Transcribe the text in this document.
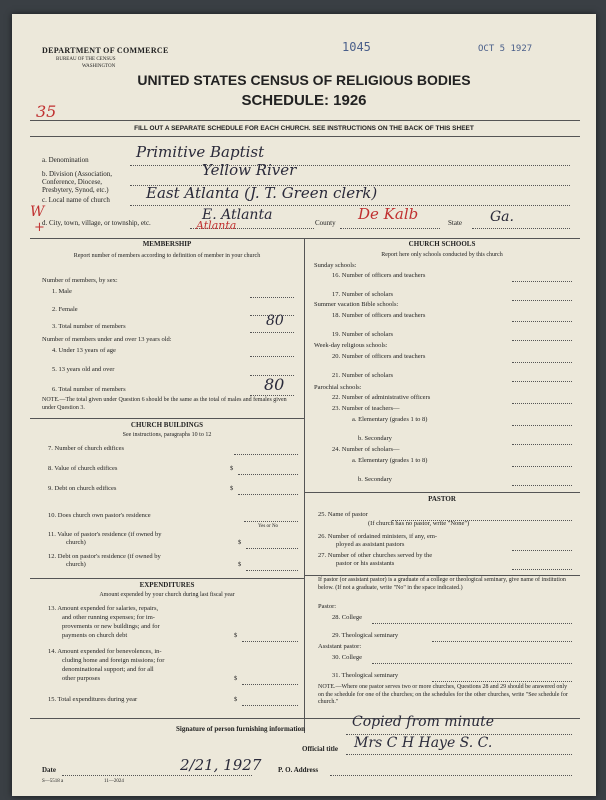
DEPARTMENT OF COMMERCE
BUREAU OF THE CENSUS
WASHINGTON
1045	OCT 5 1927
UNITED STATES CENSUS OF RELIGIOUS BODIES
SCHEDULE: 1926
35
FILL OUT A SEPARATE SCHEDULE FOR EACH CHURCH. SEE INSTRUCTIONS ON THE BACK OF THIS SHEET
a. Denomination	Primitive Baptist
b. Division (Association, Conference, Diocese, Presbytery, Synod, etc.)
Yellow River
c. Local name of church East Atlanta (J. T. Green clerk)
W
+
d. City, town, village, or township, etc.	E. Atlanta
Atlanta	County De Kalb	State Ga.
MEMBERSHIP
Report number of members according to definition of member in your church
Number of members, by sex:
1. Male
2. Female
3. Total number of members	80
Number of members under and over 13 years old:
4. Under 13 years of age
5. 13 years old and over
6. Total number of members	80
NOTE.—The total given under Question 6 should be the same as the total of males and females given under Question 3.
CHURCH BUILDINGS
See instructions, paragraphs 10 to 12
7. Number of church edifices
8. Value of church edifices	$
9. Debt on church edifices	$
10. Does church own pastor's residence
Yes or No
11. Value of pastor's residence (if owned by
church)	$
12. Debt on pastor's residence (if owned by
church)	$
EXPENDITURES
Amount expended by your church during last fiscal year
13. Amount expended for salaries, repairs,
and other running expenses; for im-
provements or new buildings; and for
payments on church debt	$
14. Amount expended for benevolences, in-
cluding home and foreign missions; for
denominational support; and for all
other purposes	$
15. Total expenditures during year	$
CHURCH SCHOOLS
Report here only schools conducted by this church
Sunday schools:
16. Number of officers and teachers
17. Number of scholars
Summer vacation Bible schools:
18. Number of officers and teachers
19. Number of scholars
Week-day religious schools:
20. Number of officers and teachers
21. Number of scholars
Parochial schools:
22. Number of administrative officers
23. Number of teachers—
a. Elementary (grades 1 to 8)
b. Secondary
24. Number of scholars—
a. Elementary (grades 1 to 8)
b. Secondary
PASTOR
25. Name of pastor
(If church has no pastor, write "None")
26. Number of ordained ministers, if any, em-
ployed as assistant pastors
27. Number of other churches served by the
pastor or his assistants
If pastor (or assistant pastor) is a graduate of a college or theological seminary, give name of institution below. (If not a graduate, write "No" in the space indicated.)
Pastor:
28. College
29. Theological seminary
Assistant pastor:
30. College
31. Theological seminary
NOTE.—Where one pastor serves two or more churches, Questions 28 and 29 should be answered only on the schedule for one of the churches; on the schedules for the other churches, write "See schedule for church."
Signature of person furnishing information	Copied from minute
Official title Mrs C H Haye S. C.
Date	2/21, 1927 P. O. Address
S—5518 a	11—2024
